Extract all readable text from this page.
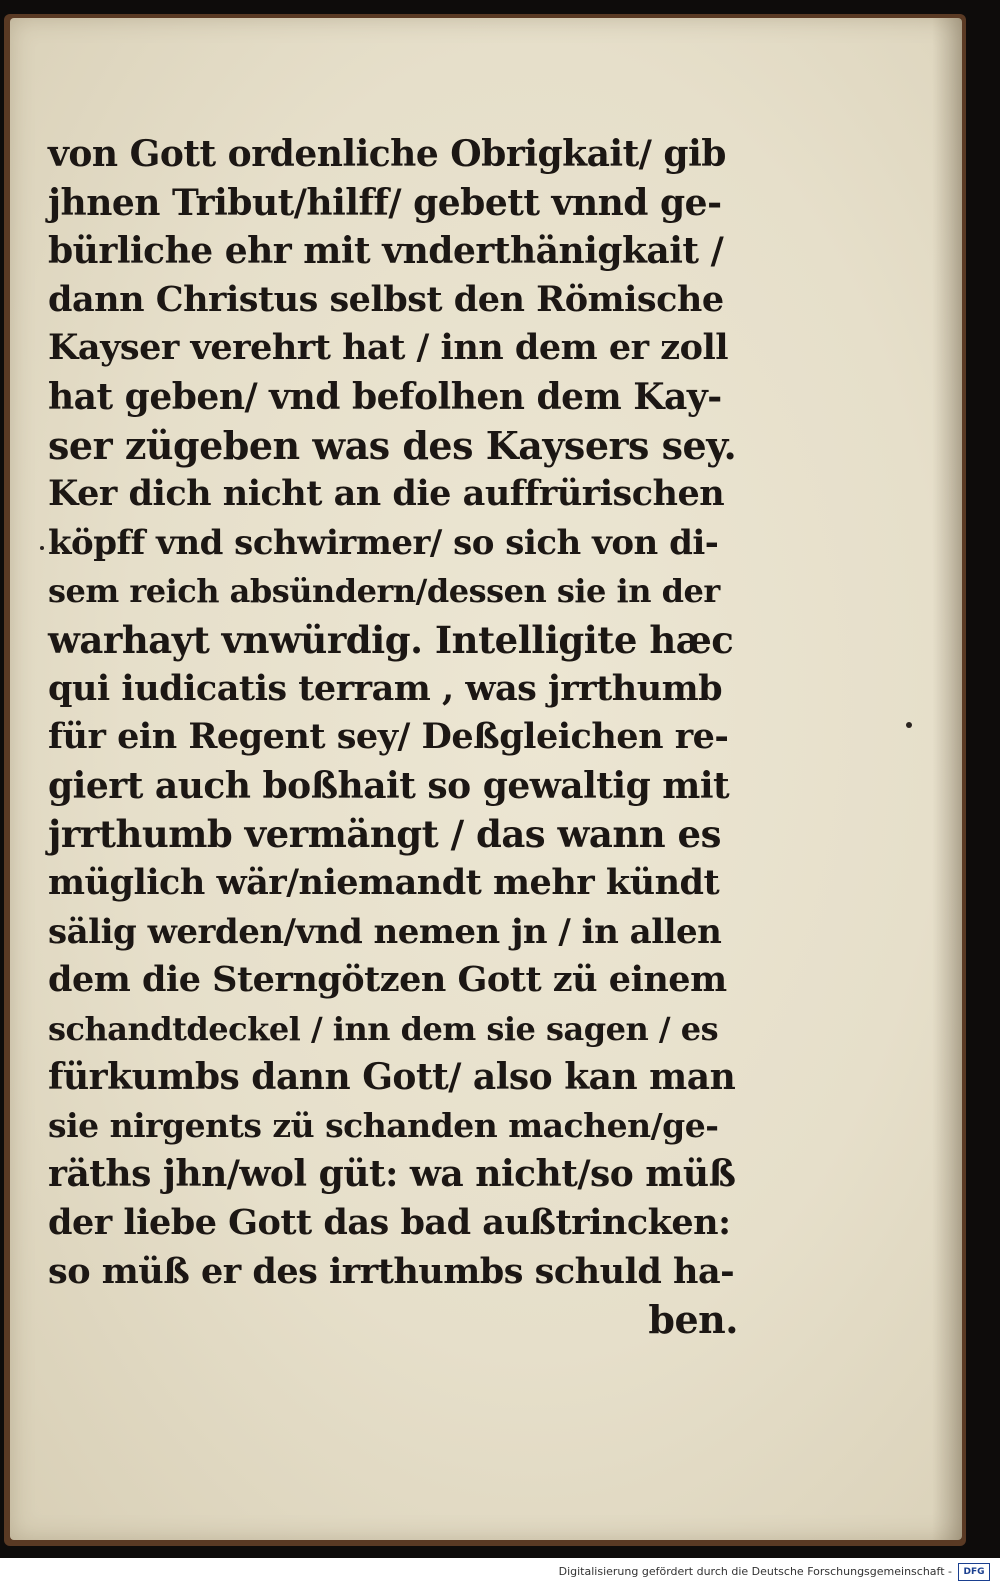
von Gott ordenliche Obrigkait/ gib
jhnen Tribut/hilff/ gebett vnnd ge-
bürliche ehr mit vnderthänigkait /
dann Christus selbst den Römische
Kayser verehrt hat / inn dem er zoll
hat geben/ vnd befolhen dem Kay-
ser zügeben was des Kaysers sey.
Ker dich nicht an die auffrürischen
köpff vnd schwirmer/ so sich von di-
sem reich absündern/dessen sie in der
warhayt vnwürdig. Intelligite hæc
qui iudicatis terram , was jrrthumb
für ein Regent sey/ Deßgleichen re-
giert auch boßhait so gewaltig mit
jrrthumb vermängt / das wann es
müglich wär/niemandt mehr kündt
sälig werden/vnd nemen jn / in allen
dem die Sterngötzen Gott zü einem
schandtdeckel / inn dem sie sagen / es
fürkumbs dann Gott/ also kan man
sie nirgents zü schanden machen/ge-
räths jhn/wol güt: wa nicht/so müß
der liebe Gott das bad außtrincken:
so müß er des irrthumbs schuld ha-
ben.
Digitalisierung gefördert durch die Deutsche Forschungsgemeinschaft -	DFG
